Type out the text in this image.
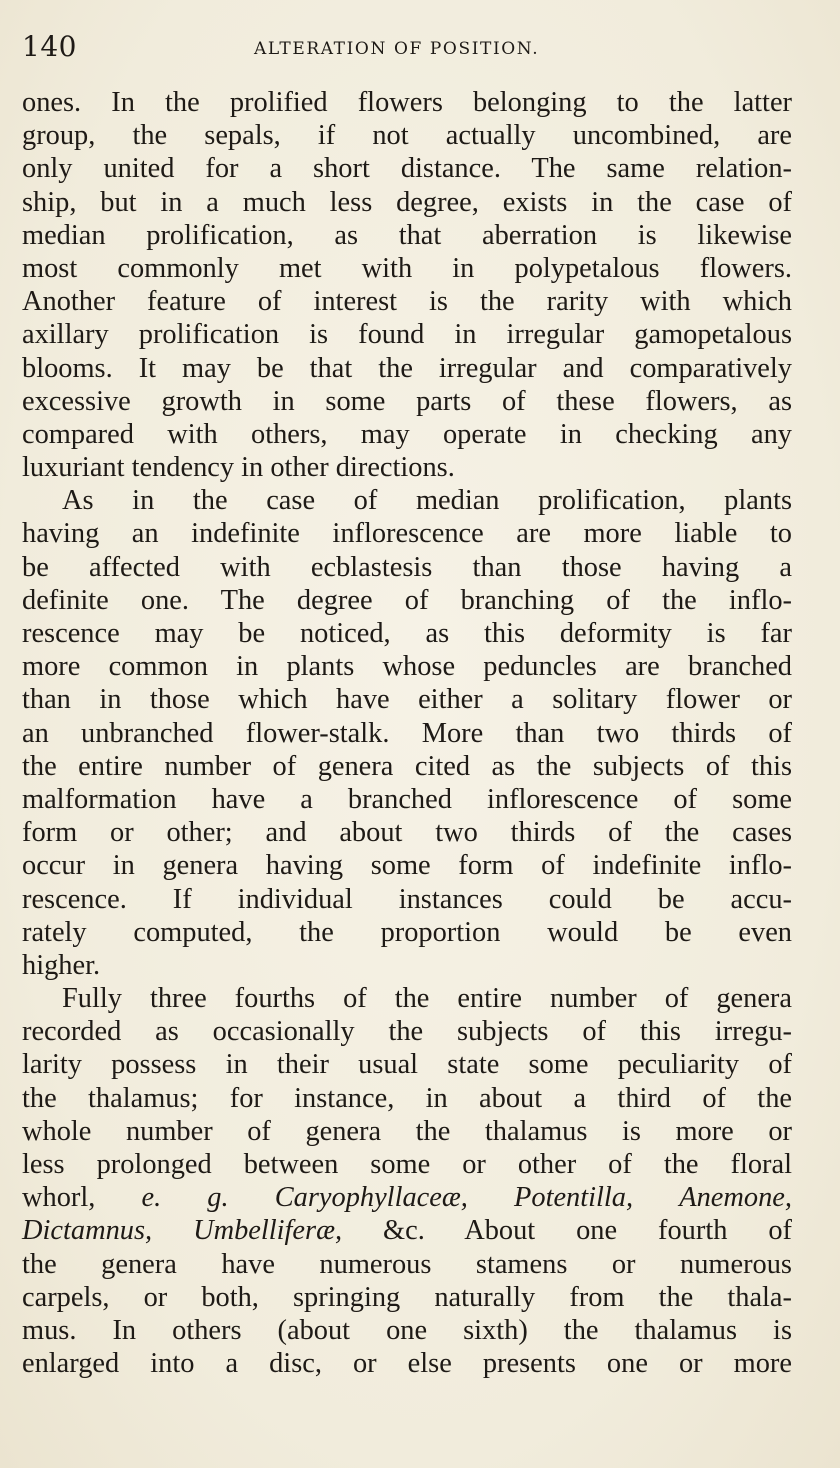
140	ALTERATION OF POSITION.
ones. In the prolified flowers belonging to the latter
group, the sepals, if not actually uncombined, are
only united for a short distance. The same relation-
ship, but in a much less degree, exists in the case of
median prolification, as that aberration is likewise
most commonly met with in polypetalous flowers.
Another feature of interest is the rarity with which
axillary prolification is found in irregular gamopetalous
blooms. It may be that the irregular and comparatively
excessive growth in some parts of these flowers, as
compared with others, may operate in checking any
luxuriant tendency in other directions.
As in the case of median prolification, plants
having an indefinite inflorescence are more liable to
be affected with ecblastesis than those having a
definite one. The degree of branching of the inflo-
rescence may be noticed, as this deformity is far
more common in plants whose peduncles are branched
than in those which have either a solitary flower or
an unbranched flower-stalk. More than two thirds of
the entire number of genera cited as the subjects of this
malformation have a branched inflorescence of some
form or other; and about two thirds of the cases
occur in genera having some form of indefinite inflo-
rescence. If individual instances could be accu-
rately computed, the proportion would be even
higher.
Fully three fourths of the entire number of genera
recorded as occasionally the subjects of this irregu-
larity possess in their usual state some peculiarity of
the thalamus; for instance, in about a third of the
whole number of genera the thalamus is more or
less prolonged between some or other of the floral
whorl, e. g. Caryophyllaceæ, Potentilla, Anemone,
Dictamnus, Umbelliferæ, &c. About one fourth of
the genera have numerous stamens or numerous
carpels, or both, springing naturally from the thala-
mus. In others (about one sixth) the thalamus is
enlarged into a disc, or else presents one or more
